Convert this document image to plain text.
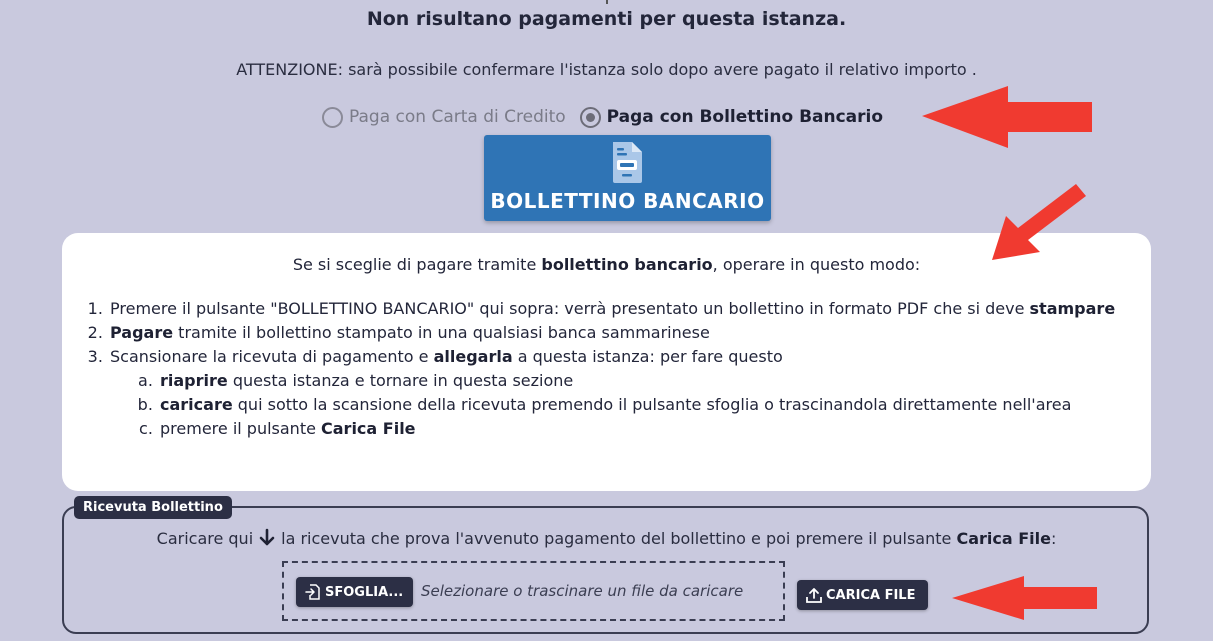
Non risultano pagamenti per questa istanza.
ATTENZIONE: sarà possibile confermare l'istanza solo dopo avere pagato il relativo importo .
Paga con Carta di Credito Paga con Bollettino Bancario
BOLLETTINO BANCARIO
Se si sceglie di pagare tramite bollettino bancario, operare in questo modo:
1. Premere il pulsante "BOLLETTINO BANCARIO" qui sopra: verrà presentato un bollettino in formato PDF che si deve stampare
2. Pagare tramite il bollettino stampato in una qualsiasi banca sammarinese
3. Scansionare la ricevuta di pagamento e allegarla a questa istanza: per fare questo
a. riaprire questa istanza e tornare in questa sezione
b. caricare qui sotto la scansione della ricevuta premendo il pulsante sfoglia o trascinandola direttamente nell'area
c. premere il pulsante Carica File
Ricevuta Bollettino
Caricare qui la ricevuta che prova l'avvenuto pagamento del bollettino e poi premere il pulsante Carica File:
SFOGLIA... Selezionare o trascinare un file da caricare	CARICA FILE
